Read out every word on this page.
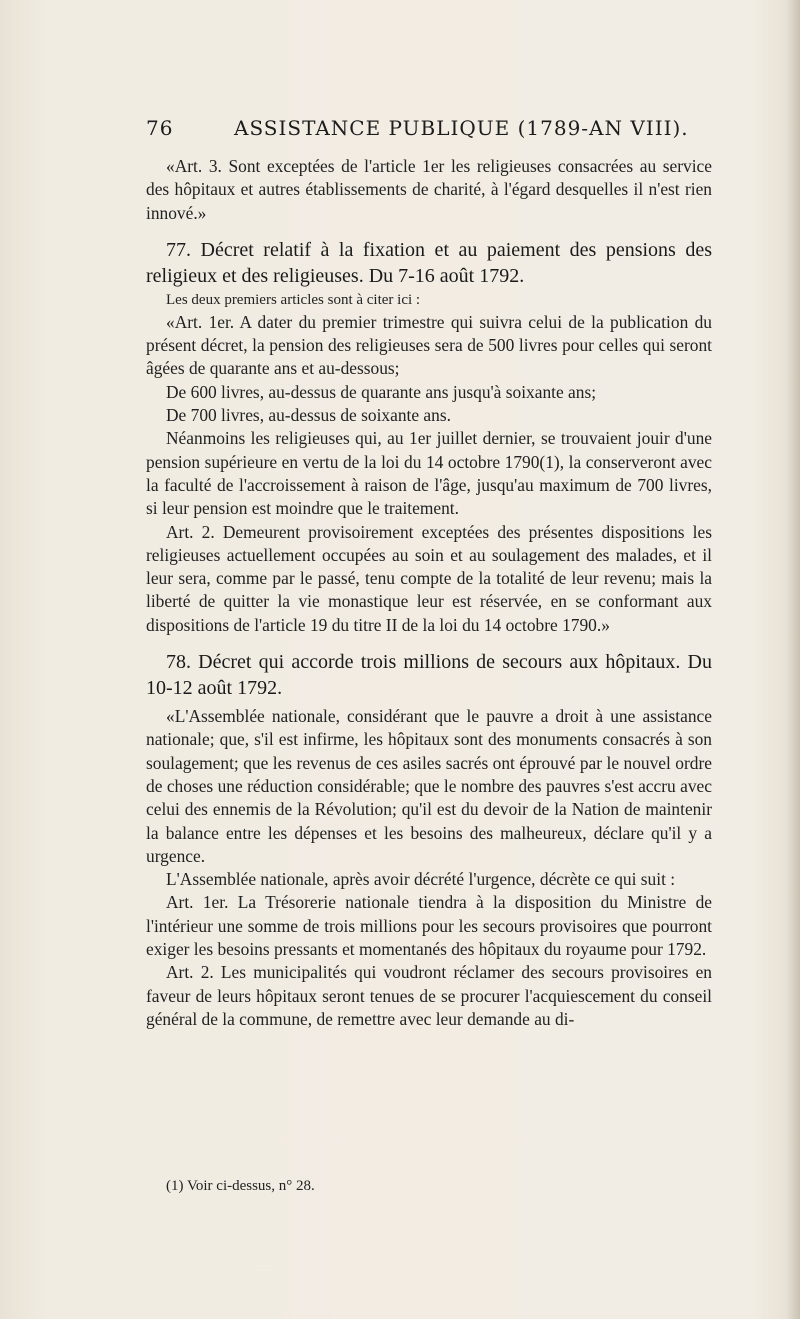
76	ASSISTANCE PUBLIQUE (1789-AN VIII).

«Art. 3. Sont exceptées de l'article 1er les religieuses consacrées au service des hôpitaux et autres établissements de charité, à l'égard desquelles il n'est rien innové.»

77. Décret relatif à la fixation et au paiement des pensions des religieux et des religieuses. Du 7-16 août 1792.

Les deux premiers articles sont à citer ici :

«Art. 1er. A dater du premier trimestre qui suivra celui de la publication du présent décret, la pension des religieuses sera de 500 livres pour celles qui seront âgées de quarante ans et au-dessous;

De 600 livres, au-dessus de quarante ans jusqu'à soixante ans;

De 700 livres, au-dessus de soixante ans.

Néanmoins les religieuses qui, au 1er juillet dernier, se trouvaient jouir d'une pension supérieure en vertu de la loi du 14 octobre 1790(1), la conserveront avec la faculté de l'accroissement à raison de l'âge, jusqu'au maximum de 700 livres, si leur pension est moindre que le traitement.

Art. 2. Demeurent provisoirement exceptées des présentes dispositions les religieuses actuellement occupées au soin et au soulagement des malades, et il leur sera, comme par le passé, tenu compte de la totalité de leur revenu; mais la liberté de quitter la vie monastique leur est réservée, en se conformant aux dispositions de l'article 19 du titre II de la loi du 14 octobre 1790.»

78. Décret qui accorde trois millions de secours aux hôpitaux. Du 10-12 août 1792.

«L'Assemblée nationale, considérant que le pauvre a droit à une assistance nationale; que, s'il est infirme, les hôpitaux sont des monuments consacrés à son soulagement; que les revenus de ces asiles sacrés ont éprouvé par le nouvel ordre de choses une réduction considérable; que le nombre des pauvres s'est accru avec celui des ennemis de la Révolution; qu'il est du devoir de la Nation de maintenir la balance entre les dépenses et les besoins des malheureux, déclare qu'il y a urgence.

L'Assemblée nationale, après avoir décrété l'urgence, décrète ce qui suit :

Art. 1er. La Trésorerie nationale tiendra à la disposition du Ministre de l'intérieur une somme de trois millions pour les secours provisoires que pourront exiger les besoins pressants et momentanés des hôpitaux du royaume pour 1792.

Art. 2. Les municipalités qui voudront réclamer des secours provisoires en faveur de leurs hôpitaux seront tenues de se procurer l'acquiescement du conseil général de la commune, de remettre avec leur demande au di-

(1) Voir ci-dessus, n° 28.
